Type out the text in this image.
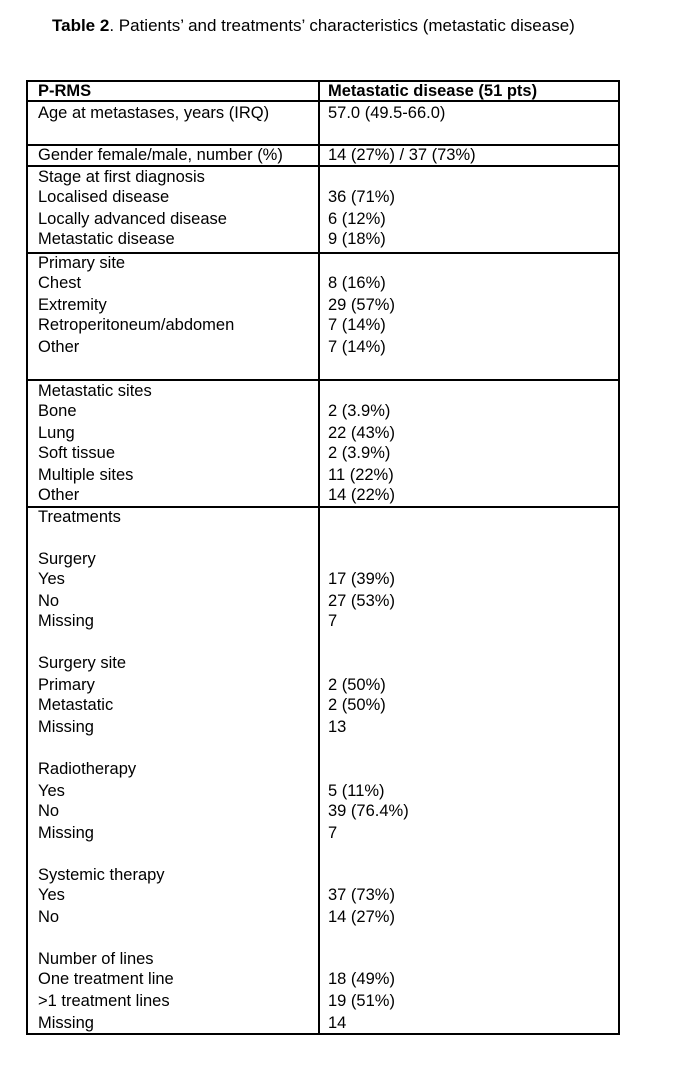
Table 2. Patients’ and treatments’ characteristics (metastatic disease)
P-RMS	Metastatic disease (51 pts)
Age at metastases, years (IRQ)	57.0 (49.5-66.0)
Gender female/male, number (%)	14 (27%) / 37 (73%)
Stage at first diagnosis
Localised disease	36 (71%)
Locally advanced disease	6 (12%)
Metastatic disease	9 (18%)
Primary site
Chest	8 (16%)
Extremity	29 (57%)
Retroperitoneum/abdomen	7 (14%)
Other	7 (14%)
Metastatic sites
Bone	2 (3.9%)
Lung	22 (43%)
Soft tissue	2 (3.9%)
Multiple sites	11 (22%)
Other	14 (22%)
Treatments
Surgery
Yes	17 (39%)
No	27 (53%)
Missing	7
Surgery site
Primary	2 (50%)
Metastatic	2 (50%)
Missing	13
Radiotherapy
Yes	5 (11%)
No	39 (76.4%)
Missing	7
Systemic therapy
Yes	37 (73%)
No	14 (27%)
Number of lines
One treatment line	18 (49%)
>1 treatment lines	19 (51%)
Missing	14
